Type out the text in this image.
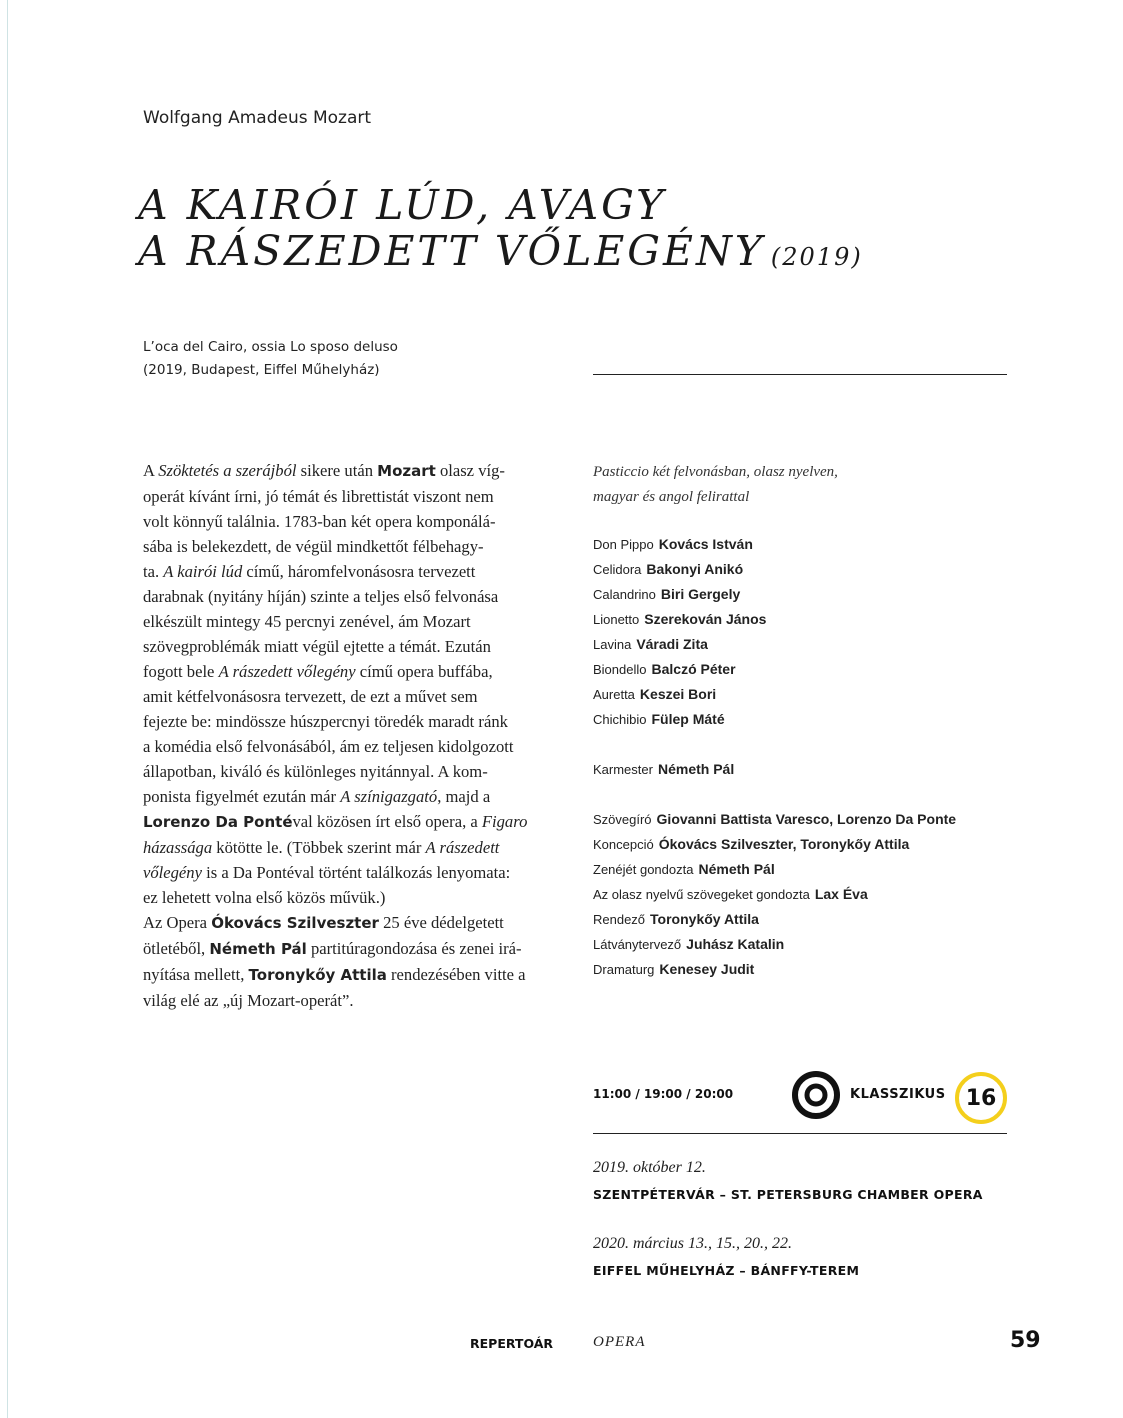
Wolfgang Amadeus Mozart
A KAIRÓI LÚD, AVAGY
A RÁSZEDETT VŐLEGÉNY (2019)
L’oca del Cairo, ossia Lo sposo deluso
(2019, Budapest, Eiffel Műhelyház)

A Szöktetés a szerájból sikere után Mozart olasz víg-

operát kívánt írni, jó témát és librettistát viszont nem

volt könnyű találnia. 1783-ban két opera komponálá-

sába is belekezdett, de végül mindkettőt félbehagy-

ta. A kairói lúd című, háromfelvonásosra tervezett

darabnak (nyitány híján) szinte a teljes első felvonása

elkészült mintegy 45 percnyi zenével, ám Mozart

szövegproblémák miatt végül ejtette a témát. Ezután

fogott bele A rászedett vőlegény című opera buffába,

amit kétfelvonásosra tervezett, de ezt a művet sem

fejezte be: mindössze húszpercnyi töredék maradt ránk

a komédia első felvonásából, ám ez teljesen kidolgozott

állapotban, kiváló és különleges nyitánnyal. A kom-

ponista figyelmét ezután már A színigazgató, majd a

Lorenzo Da Pontéval közösen írt első opera, a Figaro

házassága kötötte le. (Többek szerint már A rászedett

vőlegény is a Da Pontéval történt találkozás lenyomata:

ez lehetett volna első közös művük.)

Az Opera Ókovács Szilveszter 25 éve dédelgetett

ötletéből, Németh Pál partitúragondozása és zenei irá-

nyítása mellett, Toronykőy Attila rendezésében vitte a

világ elé az „új Mozart-operát”.

Pasticcio két felvonásban, olasz nyelven,
magyar és angol felirattal
Don Pippo Kovács István
Celidora Bakonyi Anikó
Calandrino Biri Gergely
Lionetto Szerekován János
Lavina Váradi Zita
Biondello Balczó Péter
Auretta Keszei Bori
Chichibio Fülep Máté
Karmester Németh Pál
Szövegíró Giovanni Battista Varesco, Lorenzo Da Ponte
Koncepció Ókovács Szilveszter, Toronykőy Attila
Zenéjét gondozta Németh Pál
Az olasz nyelvű szövegeket gondozta Lax Éva
Rendező Toronykőy Attila
Látványtervező Juhász Katalin
Dramaturg Kenesey Judit
11:00 / 19:00 / 20:00	KLASSZIKUS 16
2019. október 12.
SZENTPÉTERVÁR – ST. PETERSBURG CHAMBER OPERA
2020. március 13., 15., 20., 22.
EIFFEL MŰHELYHÁZ – BÁNFFY-TEREM
REPERTOÁR	OPERA	59
